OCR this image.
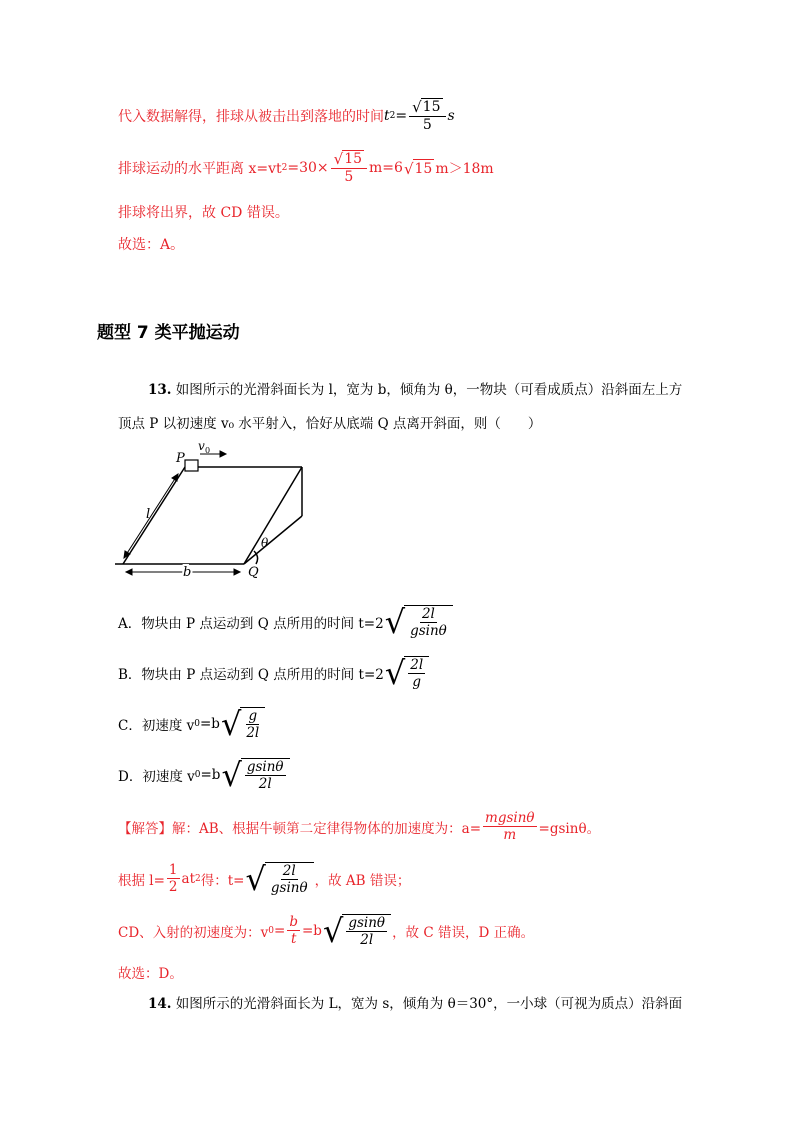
代入数据解得，排球从被击出到落地的时间 t $2 = \frac{√ 15}{5}$ s
排球运动的水平距离 x=vt $2 =30\times \frac{√ 15}{5} m=6$ √ 15 m＞18m
排球将出界，故 CD 错误。
故选：A。
题型 7 类平抛运动
13. 如图所示的光滑斜面长为 l，宽为 b，倾角为 θ，一物块（可看成质点）沿斜面左上方
顶点 P 以初速度 v₀ 水平射入，恰好从底端 Q 点离开斜面，则（　　）
P
v 0
l
b	Q
θ
A．物块由 P 点运动到 Q 点所用的时间 t=2 √ $\frac{2l}{gsin\theta}$
B．物块由 P 点运动到 Q 点所用的时间 t=2 √ $\frac{2l}{g}$
C．初速度 v 0 =b √ $\frac{g}{2l}$
D．初速度 v 0 =b √ $\frac{gsin\theta}{2l}$
【解答】 解：AB、根据牛顿第二定律得物体的加速度为：$a= \frac{mgsin\theta}{m} =gsin\theta$。
根据 $l= \frac{1}{2}$ at 2 得：t= √ $\frac{2l}{gsin\theta}$ ，故 AB 错误；
CD、入射的初速度为：v $0 = \frac{b}{t} =b$ √ $\frac{gsin\theta}{2l}$ ，故 C 错误，D 正确。
故选：D。
14. 如图所示的光滑斜面长为 L，宽为 s，倾角为 θ＝30°，一小球（可视为质点）沿斜面
